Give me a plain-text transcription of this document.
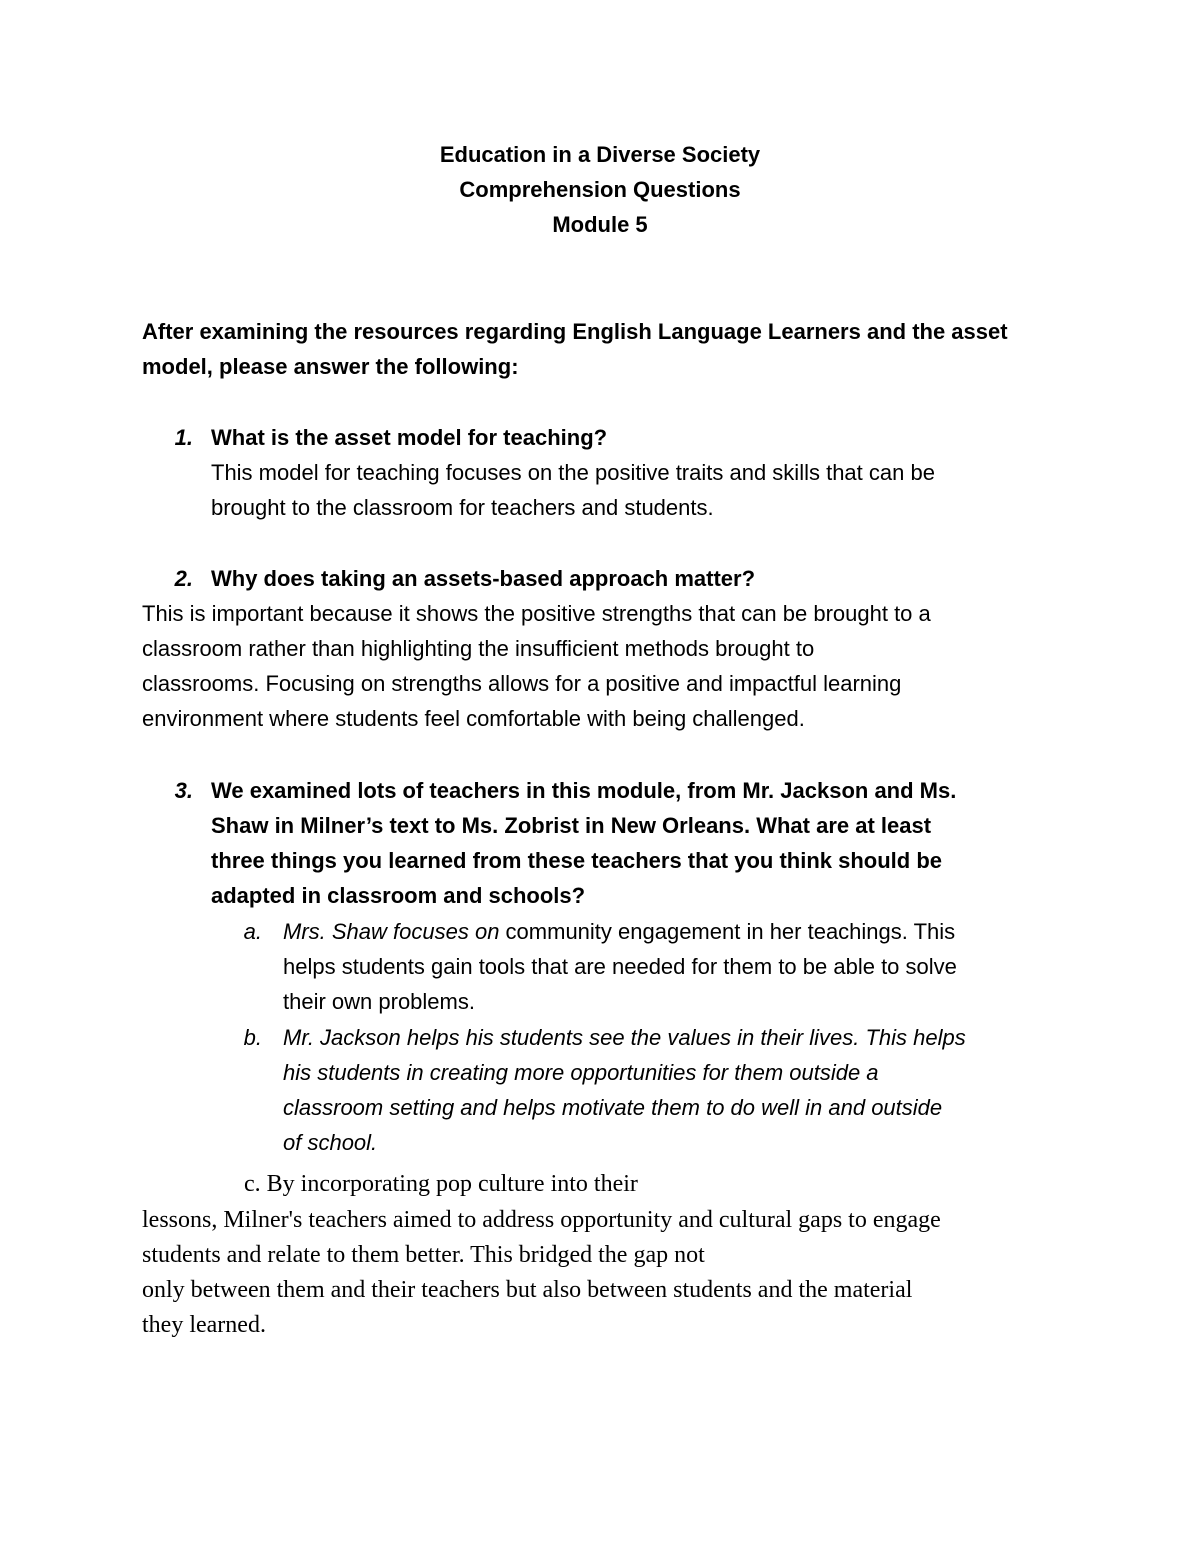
Education in a Diverse Society
Comprehension Questions
Module 5
After examining the resources regarding English Language Learners and the asset
model, please answer the following:
1. What is the asset model for teaching?
This model for teaching focuses on the positive traits and skills that can be
brought to the classroom for teachers and students.
2. Why does taking an assets-based approach matter?
This is important because it shows the positive strengths that can be brought to a
classroom rather than highlighting the insufficient methods brought to
classrooms. Focusing on strengths allows for a positive and impactful learning
environment where students feel comfortable with being challenged.
3. We examined lots of teachers in this module, from Mr. Jackson and Ms.
Shaw in Milner’s text to Ms. Zobrist in New Orleans. What are at least
three things you learned from these teachers that you think should be
adapted in classroom and schools?
a. Mrs. Shaw focuses on community engagement in her teachings. This
helps students gain tools that are needed for them to be able to solve
their own problems.
b. Mr. Jackson helps his students see the values in their lives. This helps
his students in creating more opportunities for them outside a
classroom setting and helps motivate them to do well in and outside
of school.
c. By incorporating pop culture into their
lessons, Milner's teachers aimed to address opportunity and cultural gaps to engage
students and relate to them better. This bridged the gap not
only between them and their teachers but also between students and the material
they learned.
